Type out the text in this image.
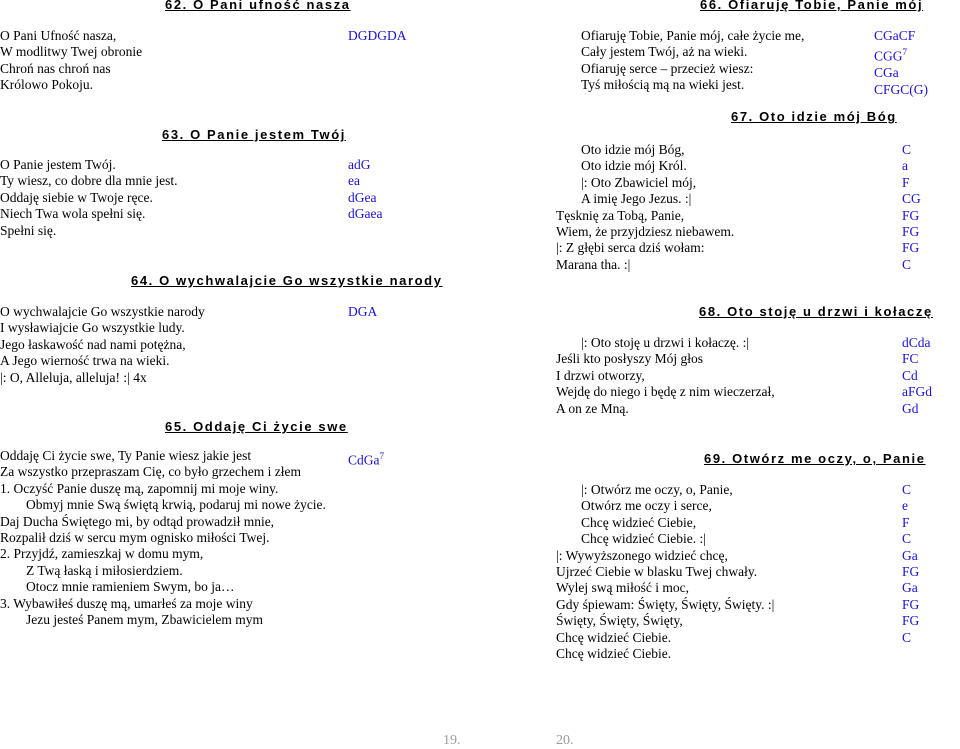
62. O Pani ufność nasza
O Pani Ufność nasza,
W modlitwy Twej obronie
Chroń nas chroń nas
Królowo Pokoju.
DGDGDA
63. O Panie jestem Twój
O Panie jestem Twój.
Ty wiesz, co dobre dla mnie jest.
Oddaję siebie w Twoje ręce.
Niech Twa wola spełni się.
Spełni się.
adG
ea
dGea
dGaea
64. O wychwalajcie Go wszystkie narody
O wychwalajcie Go wszystkie narody
I wysławiajcie Go wszystkie ludy.
Jego łaskawość nad nami potężna,
A Jego wierność trwa na wieki.
|: O, Alleluja, alleluja! :| 4x
DGA
65. Oddaję Ci życie swe
Oddaję Ci życie swe, Ty Panie wiesz jakie jest
Za wszystko przepraszam Cię, co było grzechem i złem
1. Oczyść Panie duszę mą, zapomnij mi moje winy.
Obmyj mnie Swą świętą krwią, podaruj mi nowe życie.
Daj Ducha Świętego mi, by odtąd prowadził mnie,
Rozpalił dziś w sercu mym ognisko miłości Twej.
2. Przyjdź, zamieszkaj w domu mym,
Z Twą łaską i miłosierdziem.
Otocz mnie ramieniem Swym, bo ja…
3. Wybawiłeś duszę mą, umarłeś za moje winy
Jezu jesteś Panem mym, Zbawicielem mym
CdGa$^7$
66. Ofiaruję Tobie, Panie mój
Ofiaruję Tobie, Panie mój, całe życie me,
Cały jestem Twój, aż na wieki.
Ofiaruję serce – przecież wiesz:
Tyś miłością mą na wieki jest.
CGaCF
CGG$^7$
CGa
CFGC(G)
67. Oto idzie mój Bóg
Oto idzie mój Bóg,
Oto idzie mój Król.
|: Oto Zbawiciel mój,
A imię Jego Jezus. :|
Tęsknię za Tobą, Panie,
Wiem, że przyjdziesz niebawem.
|: Z głębi serca dziś wołam:
Marana tha. :|
C
a
F
CG
FG
FG
FG
C
68. Oto stoję u drzwi i kołaczę
|: Oto stoję u drzwi i kołaczę. :|
Jeśli kto posłyszy Mój głos
I drzwi otworzy,
Wejdę do niego i będę z nim wieczerzał,
A on ze Mną.
dCda
FC
Cd
aFGd
Gd
69. Otwórz me oczy, o, Panie
|: Otwórz me oczy, o, Panie,
Otwórz me oczy i serce,
Chcę widzieć Ciebie,
Chcę widzieć Ciebie. :|
|: Wywyższonego widzieć chcę,
Ujrzeć Ciebie w blasku Twej chwały.
Wylej swą miłość i moc,
Gdy śpiewam: Święty, Święty, Święty. :|
Święty, Święty, Święty,
Chcę widzieć Ciebie.
Chcę widzieć Ciebie.
C
e
F
C
Ga
FG
Ga
FG
FG
C
19.	20.
